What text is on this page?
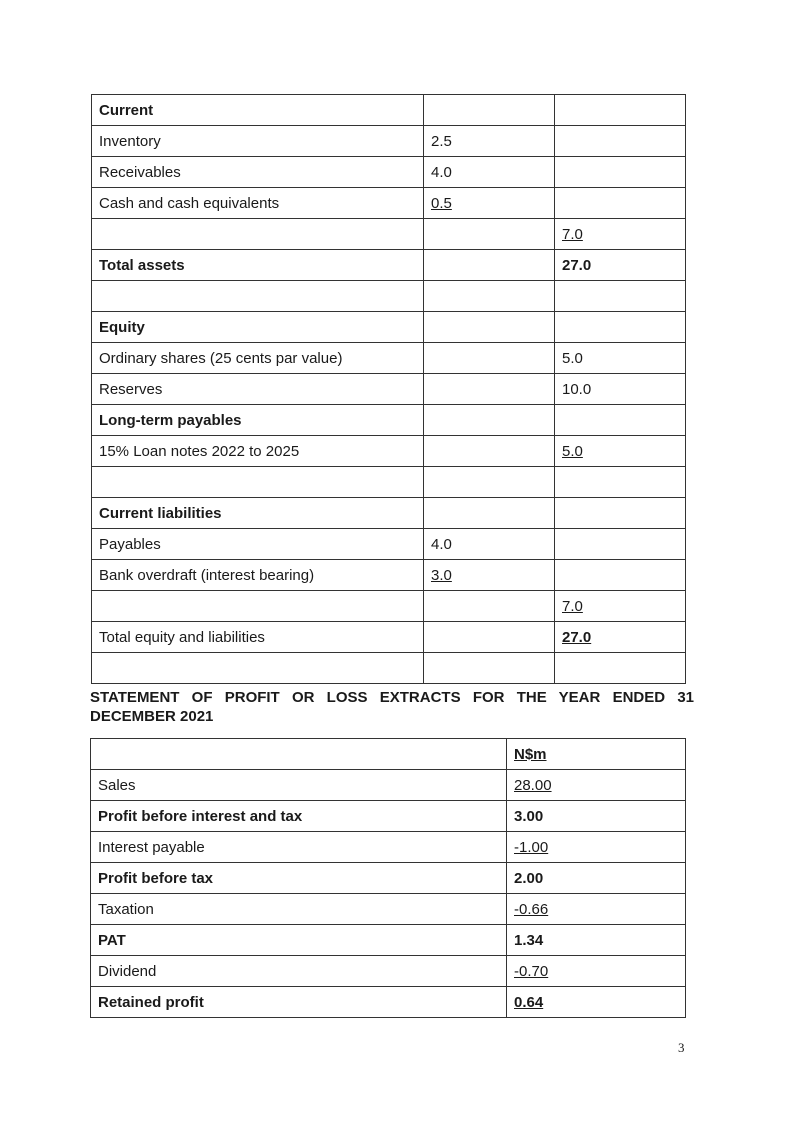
Current		
Inventory	2.5	
Receivables	4.0	
Cash and cash equivalents	0.5	
		7.0
Total assets		27.0

Equity		
Ordinary shares (25 cents par value)		5.0
Reserves		10.0
Long-term payables		
15% Loan notes 2022 to 2025		5.0

Current liabilities		
Payables	4.0	
Bank overdraft (interest bearing)	3.0	
		7.0
Total equity and liabilities		27.0

STATEMENT OF PROFIT OR LOSS EXTRACTS FOR THE YEAR ENDED 31 DECEMBER 2021
	N$m
Sales	28.00
Profit before interest and tax	3.00
Interest payable	-1.00
Profit before tax	2.00
Taxation	-0.66
PAT	1.34
Dividend	-0.70
Retained profit	0.64
3
